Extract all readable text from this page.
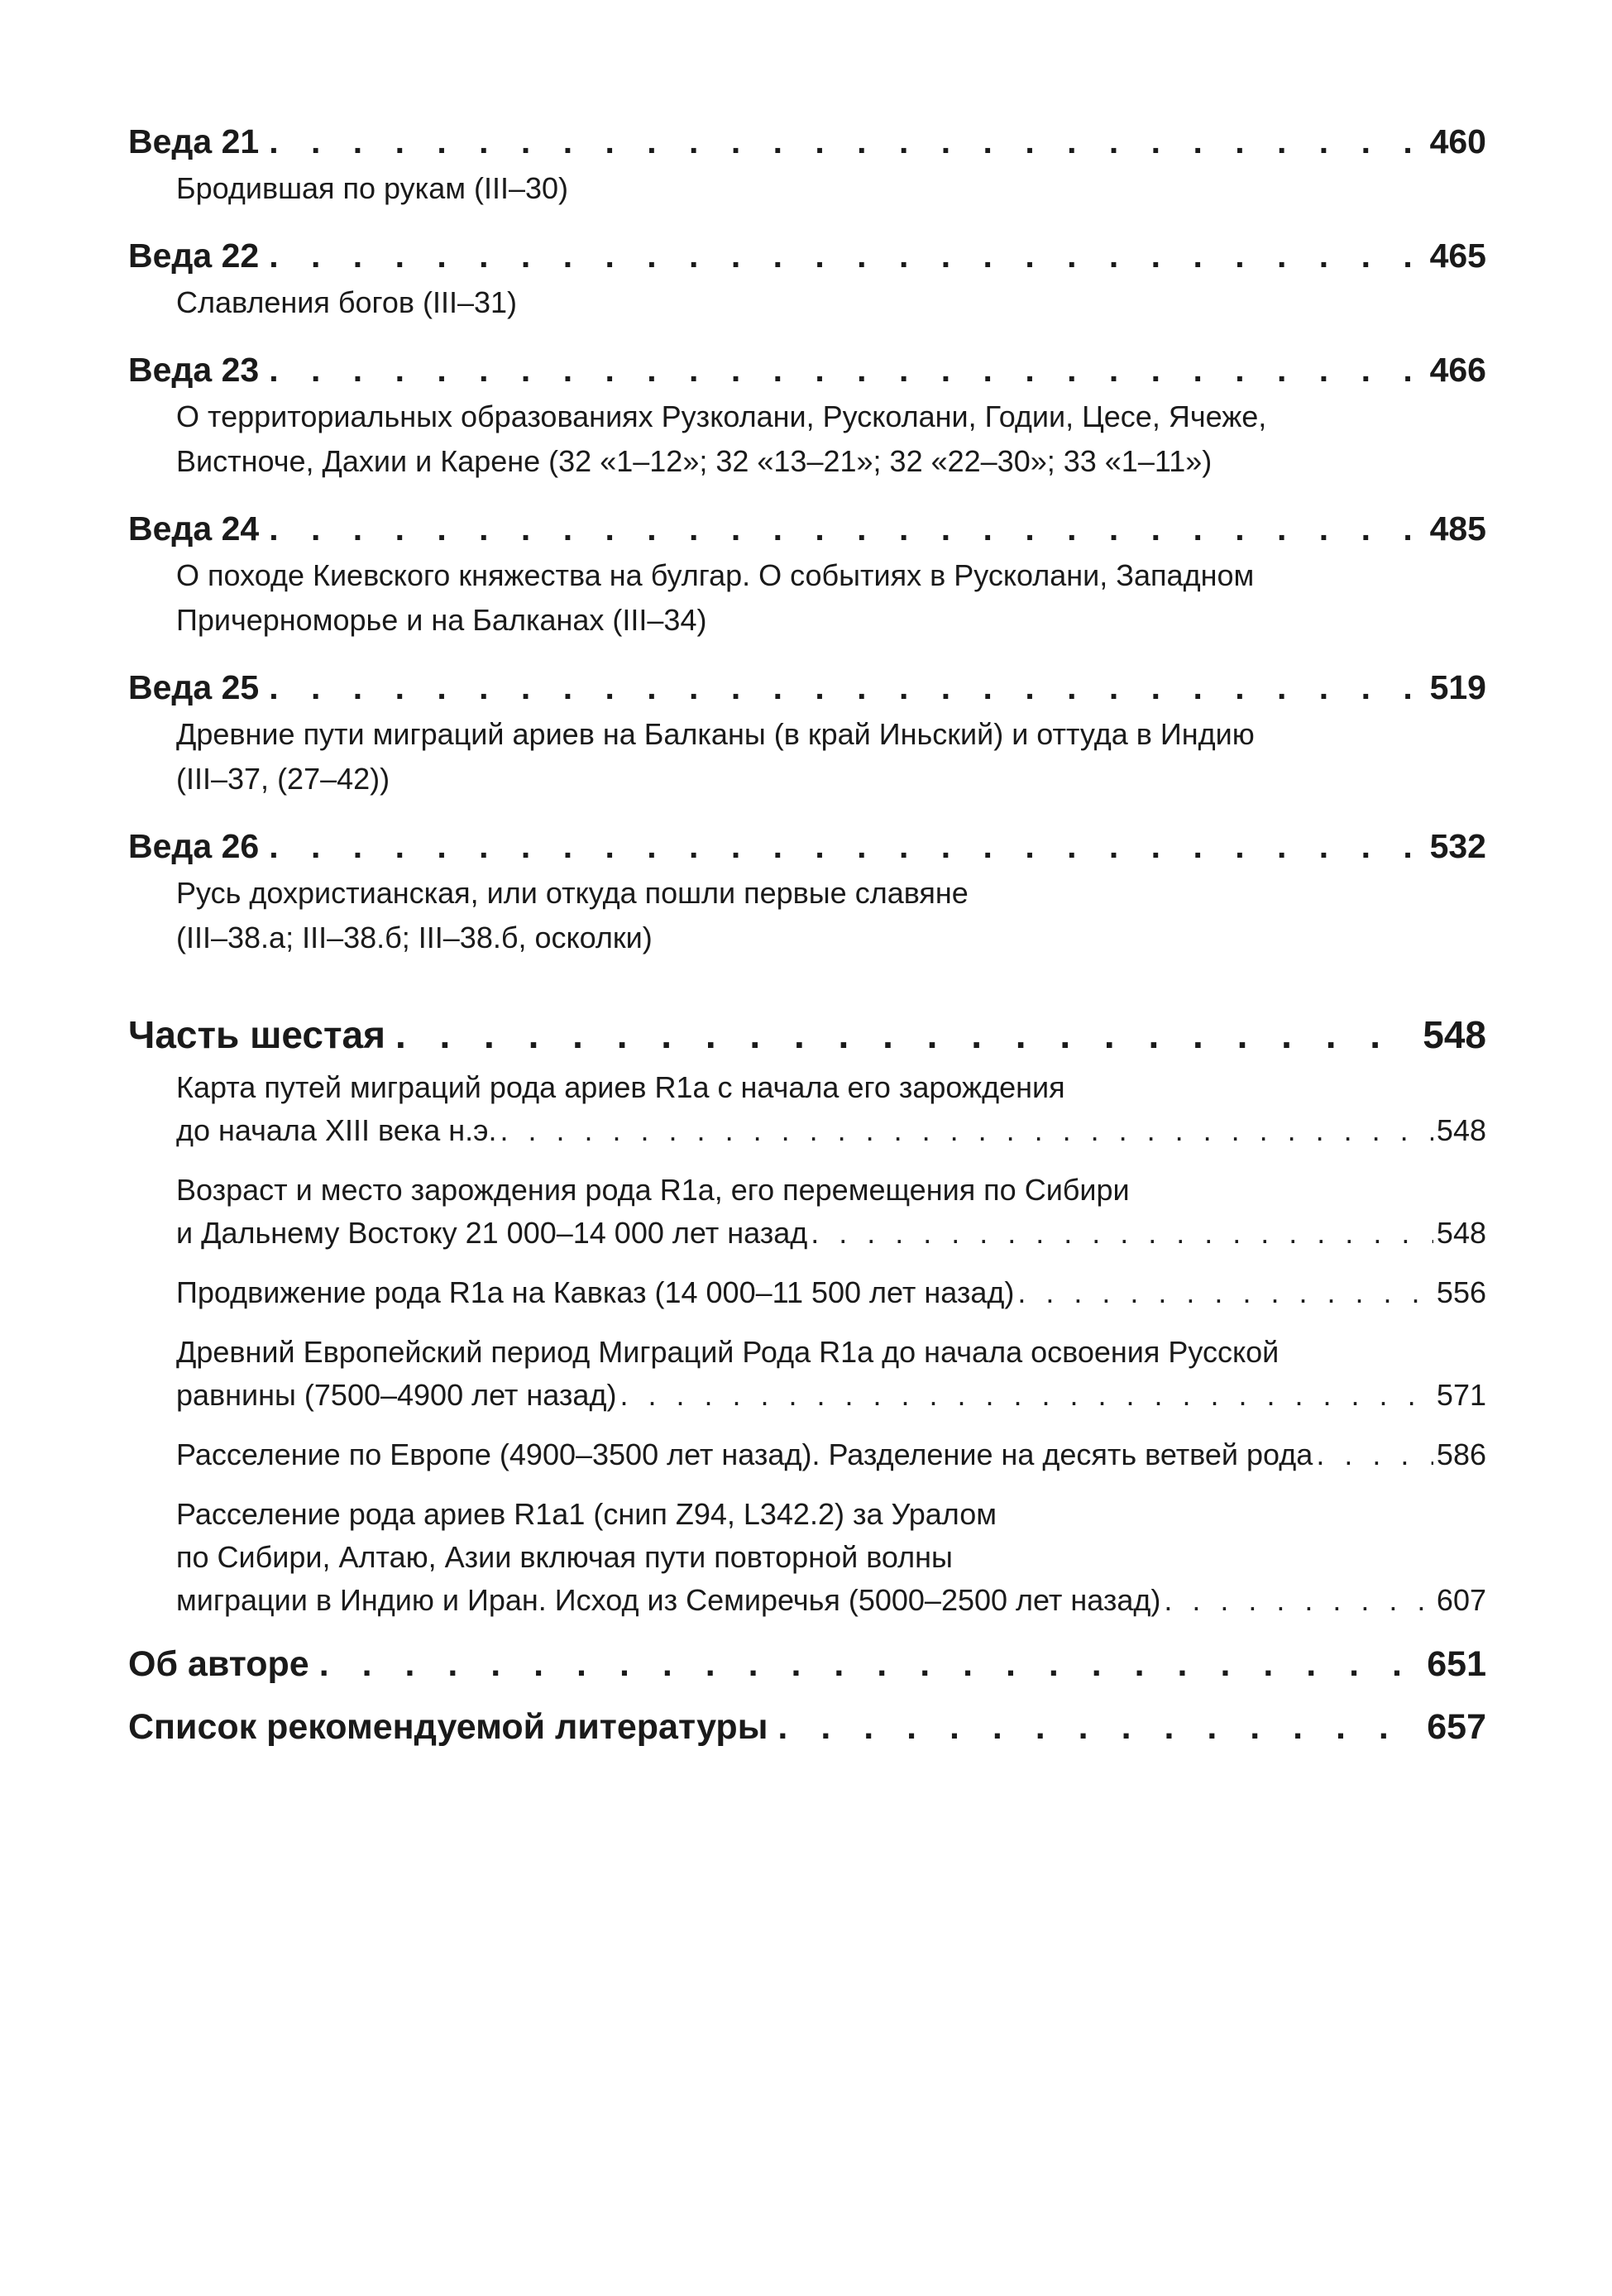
Веда 21 . . .	460
Бродившая по рукам (III–30)
Веда 22 . . .	465
Славления богов (III–31)
Веда 23 . . .	466
О территориальных образованиях Рузколани, Русколани, Годии, Цесе, Ячеже,
Вистноче, Дахии и Карене (32 «1–12»; 32 «13–21»; 32 «22–30»; 33 «1–11»)
Веда 24 . . .	485
О походе Киевского княжества на булгар. О событиях в Русколани, Западном
Причерноморье и на Балканах (III–34)
Веда 25 . . .	519
Древние пути миграций ариев на Балканы (в край Иньский) и оттуда в Индию
(III–37, (27–42))
Веда 26 . . .	532
Русь дохристианская, или откуда пошли первые славяне
(III–38.а; III–38.б; III–38.б, осколки)
Часть шестая . . .	548
Карта путей миграций рода ариев R1a с начала его зарождения
до начала XIII века н.э. . . .	548
Возраст и место зарождения рода R1a, его перемещения по Сибири
и Дальнему Востоку 21 000–14 000 лет назад . . .	548
Продвижение рода R1a на Кавказ (14 000–11 500 лет назад) . . .	556
Древний Европейский период Миграций Рода R1a до начала освоения Русской
равнины (7500–4900 лет назад) . . .	571
Расселение по Европе (4900–3500 лет назад). Разделение на десять ветвей рода . . .	586
Расселение рода ариев R1a1 (снип Z94, L342.2) за Уралом
по Сибири, Алтаю, Азии включая пути повторной волны
миграции в Индию и Иран. Исход из Семиречья (5000–2500 лет назад) . . .	607
Об авторе . . .	651
Список рекомендуемой литературы . . .	657
